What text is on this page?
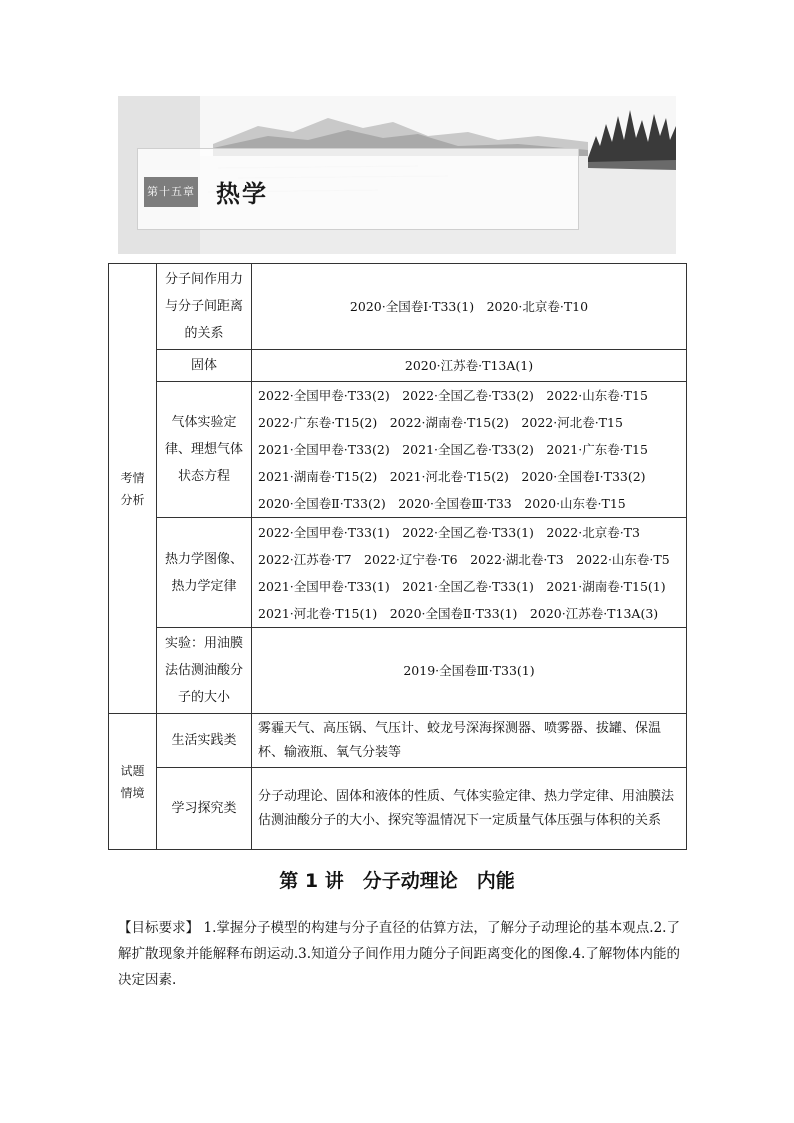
第十五章 热学
考情
分析	分子间作用力与分子间距离的关系	2020·全国卷Ⅰ·T33(1)　2020·北京卷·T10

	固体	2020·江苏卷·T13A(1)

	气体实验定律、理想气体状态方程	2022·全国甲卷·T33(2)　2022·全国乙卷·T33(2)　2022·山东卷·T15
2022·广东卷·T15(2)　2022·湖南卷·T15(2)　2022·河北卷·T15
2021·全国甲卷·T33(2)　2021·全国乙卷·T33(2)　2021·广东卷·T15
2021·湖南卷·T15(2)　2021·河北卷·T15(2)　2020·全国卷Ⅰ·T33(2)
2020·全国卷Ⅱ·T33(2)　2020·全国卷Ⅲ·T33　2020·山东卷·T15

	热力学图像、热力学定律	2022·全国甲卷·T33(1)　2022·全国乙卷·T33(1)　2022·北京卷·T3
2022·江苏卷·T7　2022·辽宁卷·T6　2022·湖北卷·T3　2022·山东卷·T5
2021·全国甲卷·T33(1)　2021·全国乙卷·T33(1)　2021·湖南卷·T15(1)
2021·河北卷·T15(1)　2020·全国卷Ⅱ·T33(1)　2020·江苏卷·T13A(3)

	实验：用油膜法估测油酸分子的大小	2019·全国卷Ⅲ·T33(1)

试题
情境	生活实践类	雾霾天气、高压锅、气压计、蛟龙号深海探测器、喷雾器、拔罐、保温杯、输液瓶、氧气分装等
	学习探究类	分子动理论、固体和液体的性质、气体实验定律、热力学定律、用油膜法估测油酸分子的大小、探究等温情况下一定质量气体压强与体积的关系
第 1 讲　分子动理论　内能
【目标要求】 1.掌握分子模型的构建与分子直径的估算方法，了解分子动理论的基本观点.2.了解扩散现象并能解释布朗运动.3.知道分子间作用力随分子间距离变化的图像.4.了解物体内能的决定因素.
